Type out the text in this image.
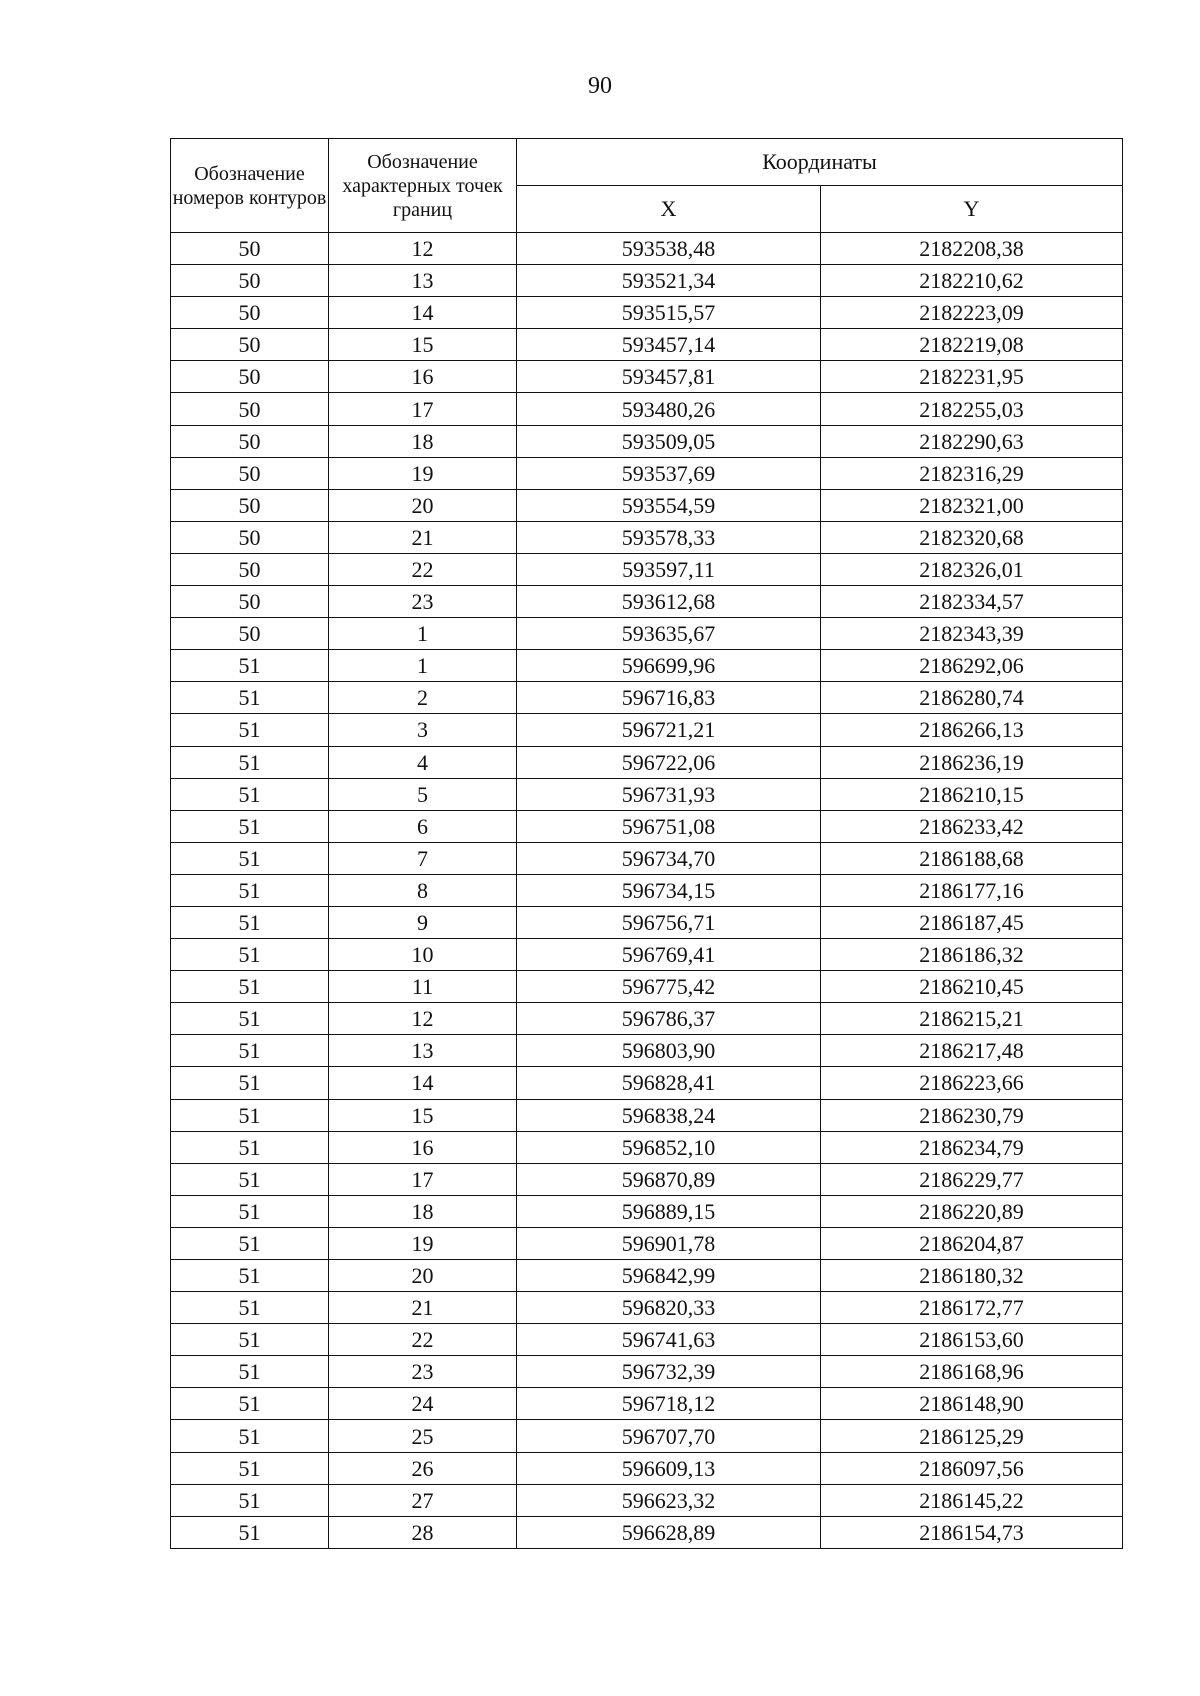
90
Обозначение номеров контуров	Обозначение характерных точек границ	Координаты	
		X	Y
50	12	593538,48	2182208,38
50	13	593521,34	2182210,62
50	14	593515,57	2182223,09
50	15	593457,14	2182219,08
50	16	593457,81	2182231,95
50	17	593480,26	2182255,03
50	18	593509,05	2182290,63
50	19	593537,69	2182316,29
50	20	593554,59	2182321,00
50	21	593578,33	2182320,68
50	22	593597,11	2182326,01
50	23	593612,68	2182334,57
50	1	593635,67	2182343,39
51	1	596699,96	2186292,06
51	2	596716,83	2186280,74
51	3	596721,21	2186266,13
51	4	596722,06	2186236,19
51	5	596731,93	2186210,15
51	6	596751,08	2186233,42
51	7	596734,70	2186188,68
51	8	596734,15	2186177,16
51	9	596756,71	2186187,45
51	10	596769,41	2186186,32
51	11	596775,42	2186210,45
51	12	596786,37	2186215,21
51	13	596803,90	2186217,48
51	14	596828,41	2186223,66
51	15	596838,24	2186230,79
51	16	596852,10	2186234,79
51	17	596870,89	2186229,77
51	18	596889,15	2186220,89
51	19	596901,78	2186204,87
51	20	596842,99	2186180,32
51	21	596820,33	2186172,77
51	22	596741,63	2186153,60
51	23	596732,39	2186168,96
51	24	596718,12	2186148,90
51	25	596707,70	2186125,29
51	26	596609,13	2186097,56
51	27	596623,32	2186145,22
51	28	596628,89	2186154,73
